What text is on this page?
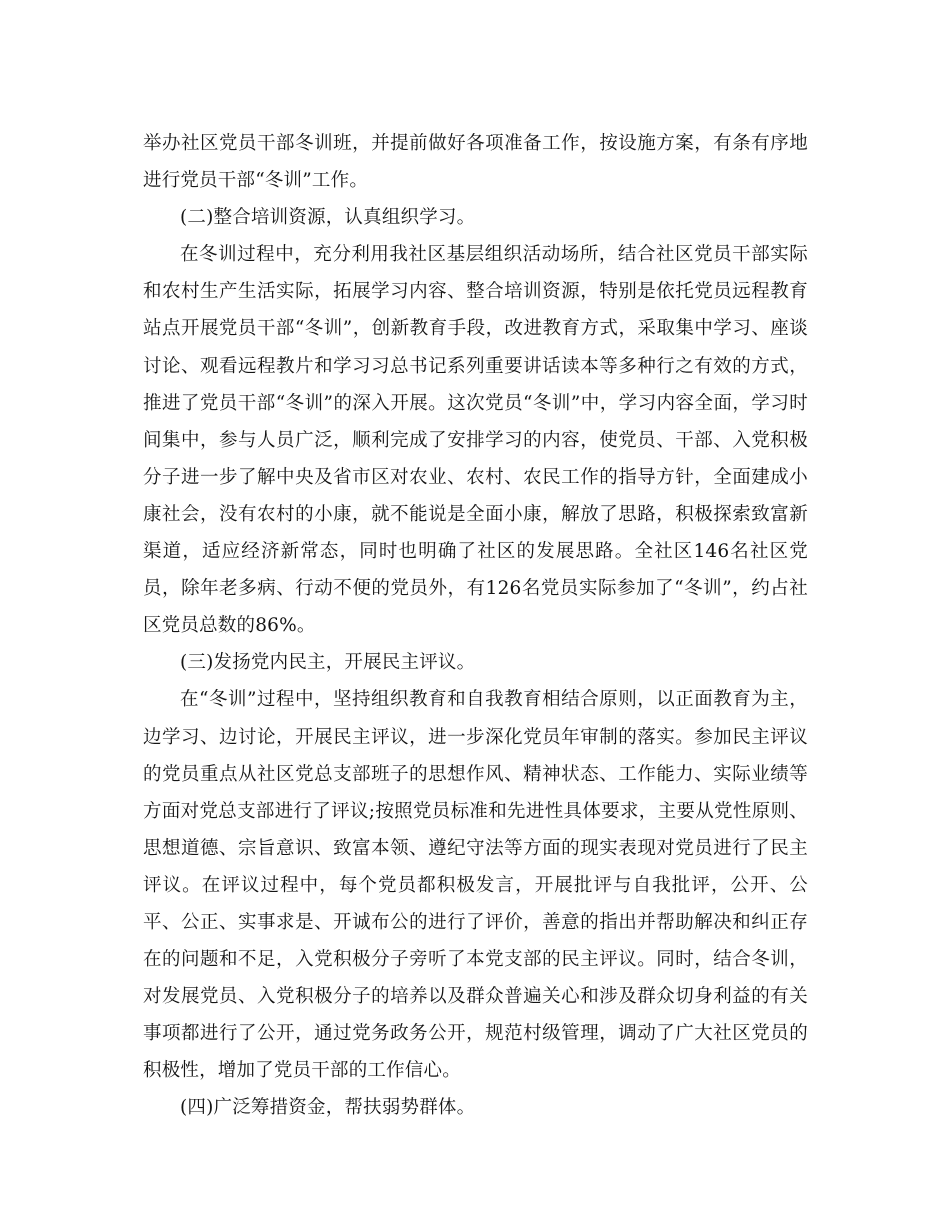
举办社区党员干部冬训班，并提前做好各项准备工作，按设施方案，有条有序地进行党员干部“冬训”工作。

(二)整合培训资源，认真组织学习。

在冬训过程中，充分利用我社区基层组织活动场所，结合社区党员干部实际和农村生产生活实际，拓展学习内容、整合培训资源，特别是依托党员远程教育站点开展党员干部“冬训”，创新教育手段，改进教育方式，采取集中学习、座谈讨论、观看远程教片和学习习总书记系列重要讲话读本等多种行之有效的方式，推进了党员干部“冬训”的深入开展。这次党员“冬训”中，学习内容全面，学习时间集中，参与人员广泛，顺利完成了安排学习的内容，使党员、干部、入党积极分子进一步了解中央及省市区对农业、农村、农民工作的指导方针，全面建成小康社会，没有农村的小康，就不能说是全面小康，解放了思路，积极探索致富新渠道，适应经济新常态，同时也明确了社区的发展思路。全社区146名社区党员，除年老多病、行动不便的党员外，有126名党员实际参加了“冬训”，约占社区党员总数的86%。

(三)发扬党内民主，开展民主评议。

在“冬训”过程中，坚持组织教育和自我教育相结合原则，以正面教育为主，边学习、边讨论，开展民主评议，进一步深化党员年审制的落实。参加民主评议的党员重点从社区党总支部班子的思想作风、精神状态、工作能力、实际业绩等方面对党总支部进行了评议;按照党员标准和先进性具体要求，主要从党性原则、思想道德、宗旨意识、致富本领、遵纪守法等方面的现实表现对党员进行了民主评议。在评议过程中，每个党员都积极发言，开展批评与自我批评，公开、公平、公正、实事求是、开诚布公的进行了评价，善意的指出并帮助解决和纠正存在的问题和不足，入党积极分子旁听了本党支部的民主评议。同时，结合冬训，对发展党员、入党积极分子的培养以及群众普遍关心和涉及群众切身利益的有关事项都进行了公开，通过党务政务公开，规范村级管理，调动了广大社区党员的积极性，增加了党员干部的工作信心。

(四)广泛筹措资金，帮扶弱势群体。
